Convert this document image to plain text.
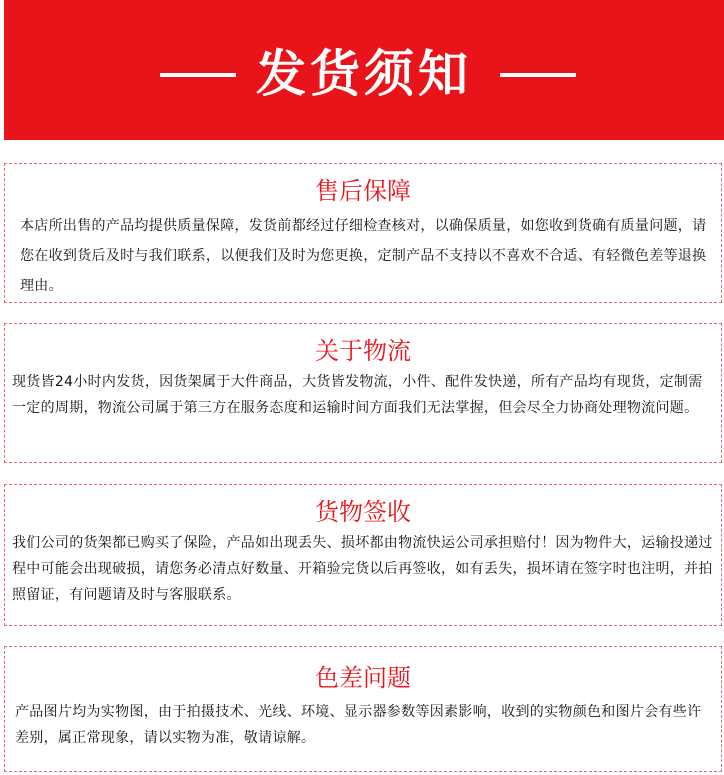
发货须知
售后保障
本店所出售的产品均提供质量保障，发货前都经过仔细检查核对，以确保质量，如您收到货确有质量问题，请您在收到货后及时与我们联系，以便我们及时为您更换，定制产品不支持以不喜欢不合适、有轻微色差等退换理由。
关于物流
现货皆24小时内发货，因货架属于大件商品，大货皆发物流，小件、配件发快递，所有产品均有现货，定制需一定的周期，物流公司属于第三方在服务态度和运输时间方面我们无法掌握，但会尽全力协商处理物流问题。
货物签收
我们公司的货架都已购买了保险，产品如出现丢失、损坏都由物流快运公司承担赔付！因为物件大，运输投递过程中可能会出现破损，请您务必清点好数量、开箱验完货以后再签收，如有丢失，损坏请在签字时也注明，并拍照留证，有问题请及时与客服联系。
色差问题
产品图片均为实物图，由于拍摄技术、光线、环境、显示器参数等因素影响，收到的实物颜色和图片会有些许差别，属正常现象，请以实物为准，敬请谅解。
